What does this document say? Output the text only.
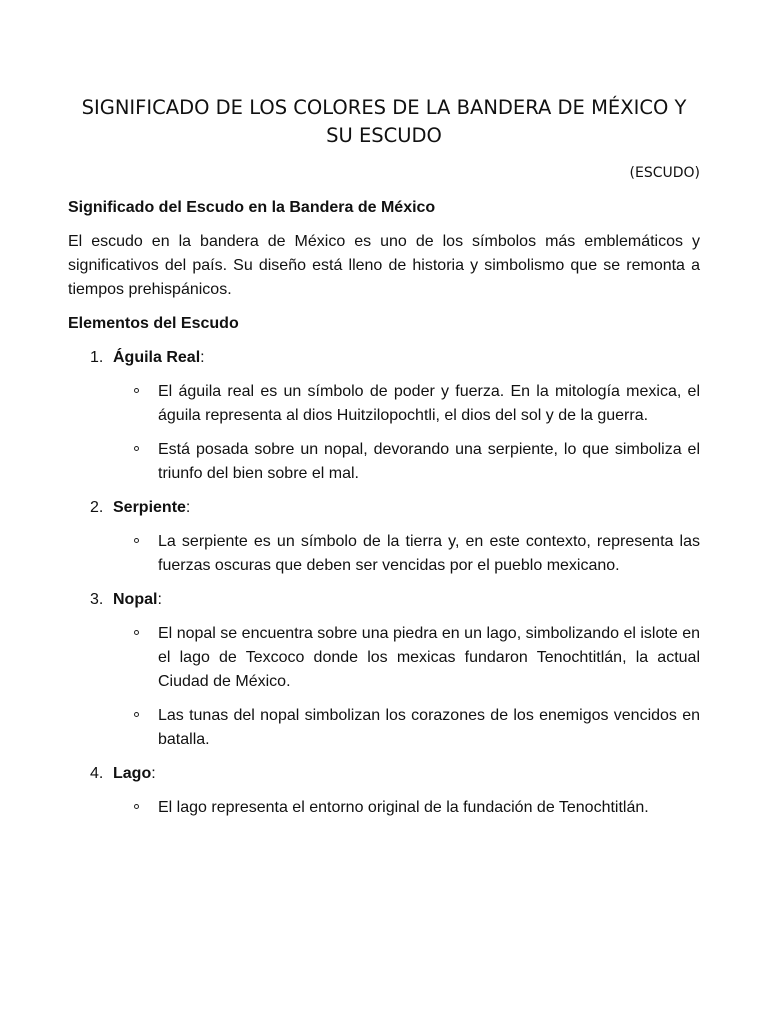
SIGNIFICADO DE LOS COLORES DE LA BANDERA DE MÉXICO Y SU ESCUDO
(ESCUDO)
Significado del Escudo en la Bandera de México

El escudo en la bandera de México es uno de los símbolos más emblemáticos y significativos del país. Su diseño está lleno de historia y simbolismo que se remonta a tiempos prehispánicos.

Elementos del Escudo
1. Águila Real:
El águila real es un símbolo de poder y fuerza. En la mitología mexica, el águila representa al dios Huitzilopochtli, el dios del sol y de la guerra.
Está posada sobre un nopal, devorando una serpiente, lo que simboliza el triunfo del bien sobre el mal.
2. Serpiente:
La serpiente es un símbolo de la tierra y, en este contexto, representa las fuerzas oscuras que deben ser vencidas por el pueblo mexicano.
3. Nopal:
El nopal se encuentra sobre una piedra en un lago, simbolizando el islote en el lago de Texcoco donde los mexicas fundaron Tenochtitlán, la actual Ciudad de México.
Las tunas del nopal simbolizan los corazones de los enemigos vencidos en batalla.
4. Lago:
El lago representa el entorno original de la fundación de Tenochtitlán.
